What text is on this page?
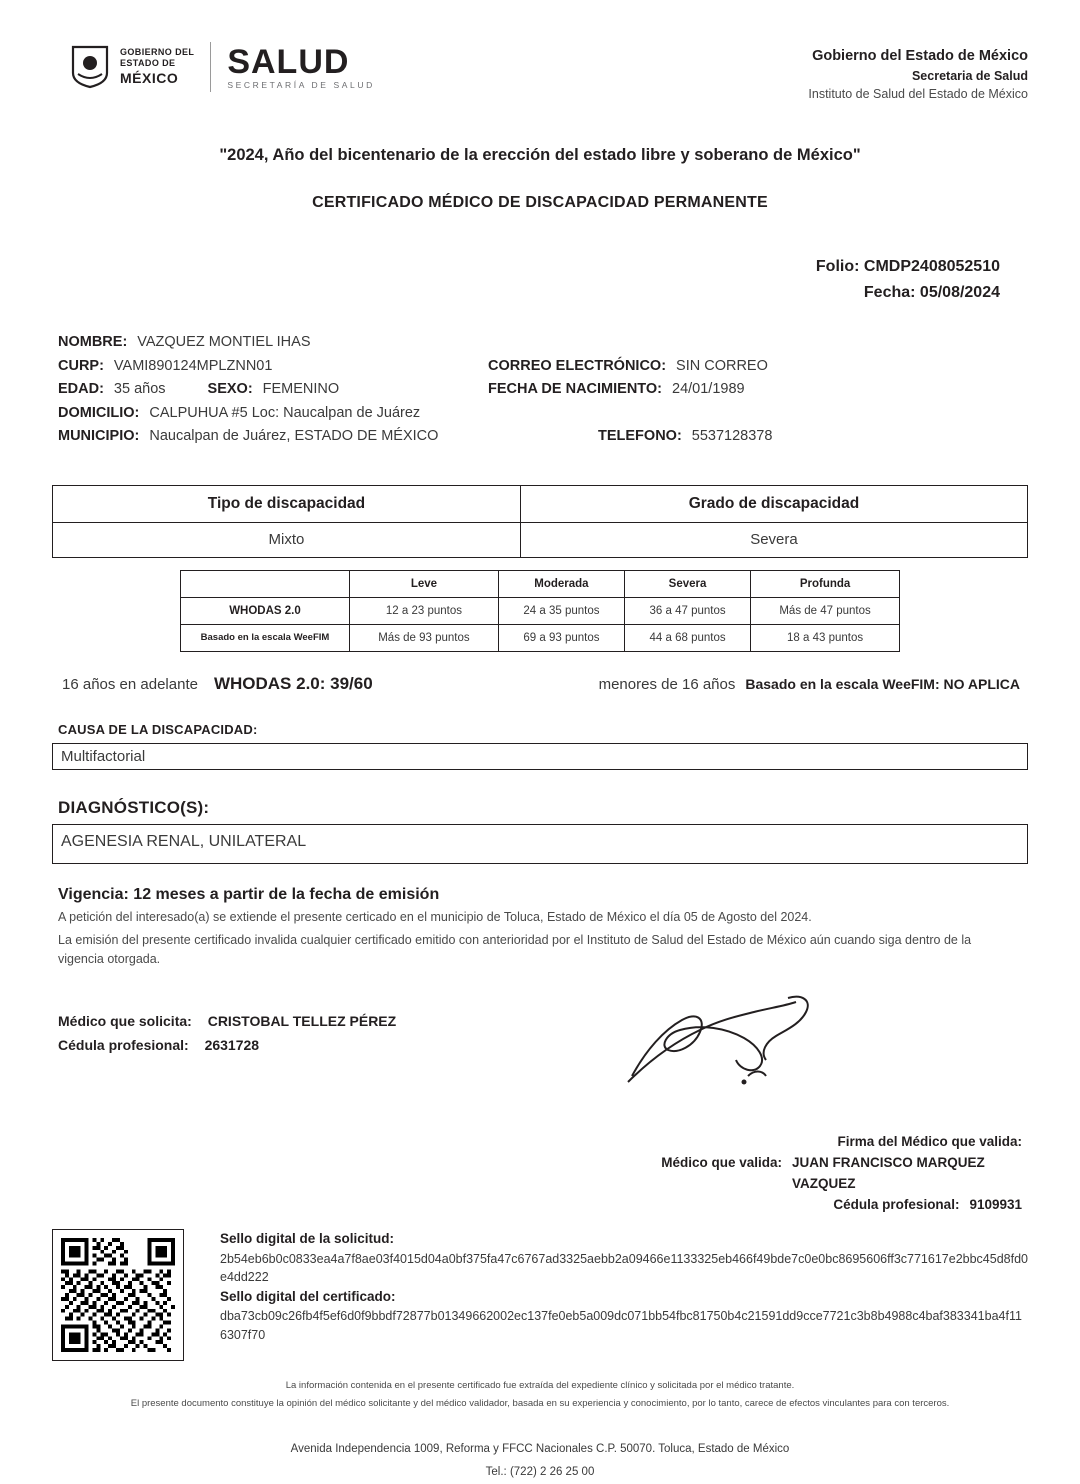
GOBIERNO DEL
ESTADO DE
MÉXICO	SALUD
SECRETARÍA DE SALUD
Gobierno del Estado de México
Secretaria de Salud
Instituto de Salud del Estado de México
"2024, Año del bicentenario de la erección del estado libre y soberano de México"
CERTIFICADO MÉDICO DE DISCAPACIDAD PERMANENTE
Folio: CMDP2408052510
Fecha: 05/08/2024
NOMBRE: VAZQUEZ MONTIEL IHAS
CURP: VAMI890124MPLZNN01	CORREO ELECTRÓNICO: SIN CORREO
EDAD: 35 años	SEXO: FEMENINO	FECHA DE NACIMIENTO: 24/01/1989
DOMICILIO: CALPUHUA #5 Loc: Naucalpan de Juárez
MUNICIPIO: Naucalpan de Juárez, ESTADO DE MÉXICO	TELEFONO: 5537128378
Tipo de discapacidad	Grado de discapacidad
Mixto	Severa
	Leve	Moderada	Severa	Profunda
WHODAS 2.0	12 a 23 puntos	24 a 35 puntos	36 a 47 puntos	Más de 47 puntos
Basado en la escala WeeFIM	Más de 93 puntos	69 a 93 puntos	44 a 68 puntos	18 a 43 puntos
16 años en adelante WHODAS 2.0: 39/60	menores de 16 años Basado en la escala WeeFIM: NO APLICA
CAUSA DE LA DISCAPACIDAD:
Multifactorial
DIAGNÓSTICO(S):
AGENESIA RENAL, UNILATERAL
Vigencia: 12 meses a partir de la fecha de emisión
A petición del interesado(a) se extiende el presente certicado en el municipio de Toluca, Estado de México el día 05 de Agosto del 2024.
La emisión del presente certificado invalida cualquier certificado emitido con anterioridad por el Instituto de Salud del Estado de México aún cuando siga dentro de la vigencia otorgada.
Médico que solicita: CRISTOBAL TELLEZ PÉREZ
Cédula profesional: 2631728
Firma del Médico que valida:
Médico que valida: JUAN FRANCISCO MARQUEZ VAZQUEZ
Cédula profesional: 9109931
Sello digital de la solicitud:
2b54eb6b0c0833ea4a7f8ae03f4015d04a0bf375fa47c6767ad3325aebb2a09466e1133325eb466f49bde7c0e0bc8695606ff3c771617e2bbc45d8fd0e4dd222
Sello digital del certificado:
dba73cb09c26fb4f5ef6d0f9bbdf72877b01349662002ec137fe0eb5a009dc071bb54fbc81750b4c21591dd9cce7721c3b8b4988c4baf383341ba4f116307f70
La información contenida en el presente certificado fue extraída del expediente clínico y solicitada por el médico tratante.
El presente documento constituye la opinión del médico solicitante y del médico validador, basada en su experiencia y conocimiento, por lo tanto, carece de efectos vinculantes para con terceros.
Avenida Independencia 1009, Reforma y FFCC Nacionales C.P. 50070. Toluca, Estado de México
Tel.: (722) 2 26 25 00
